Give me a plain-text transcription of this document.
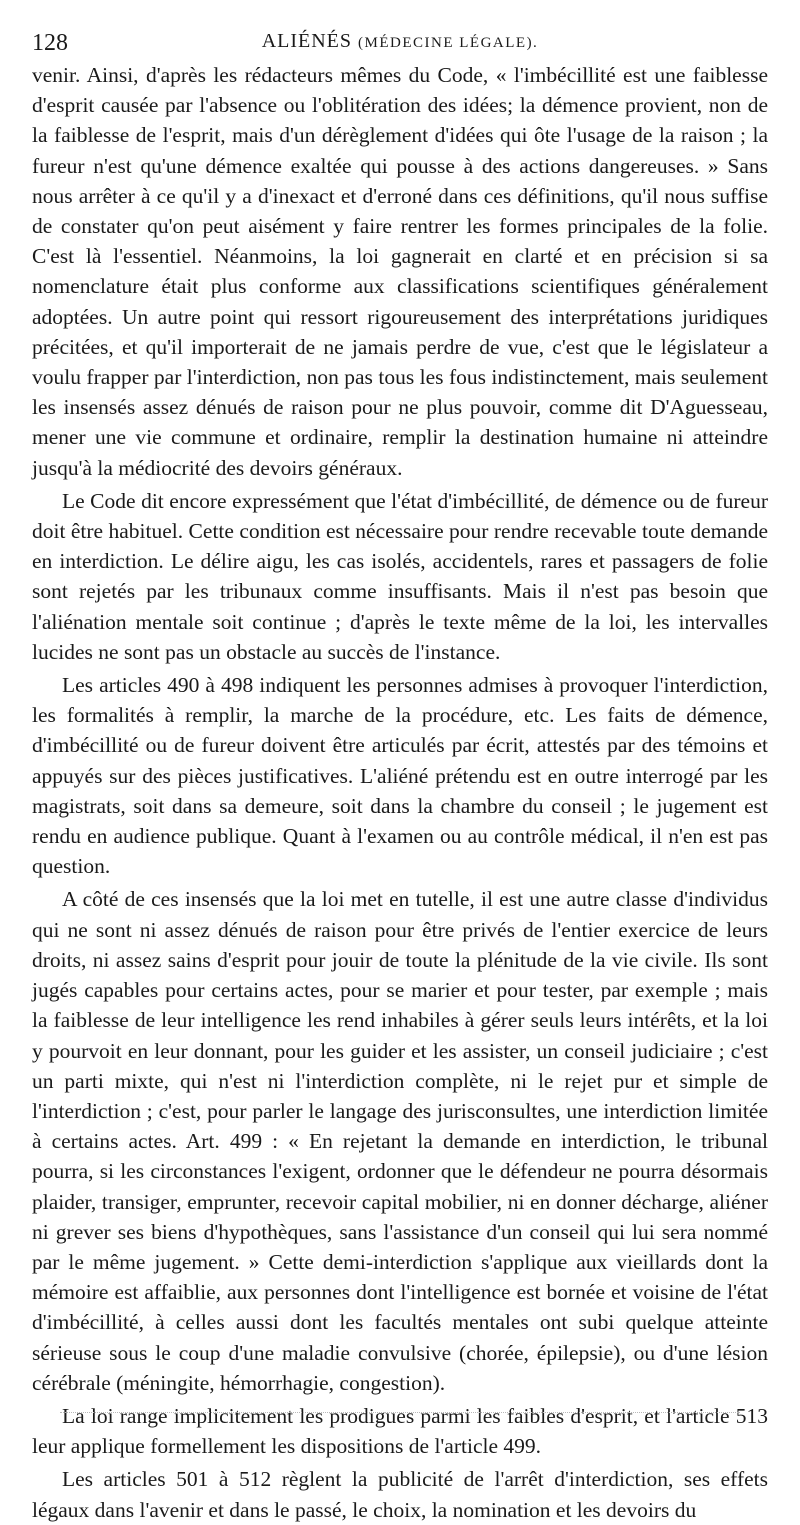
128	ALIÉNÉS (MÉDECINE LÉGALE).

venir. Ainsi, d'après les rédacteurs mêmes du Code, « l'imbécillité est une faiblesse d'esprit causée par l'absence ou l'oblitération des idées; la démence provient, non de la faiblesse de l'esprit, mais d'un dérèglement d'idées qui ôte l'usage de la raison ; la fureur n'est qu'une démence exaltée qui pousse à des actions dangereuses. » Sans nous arrêter à ce qu'il y a d'inexact et d'erroné dans ces définitions, qu'il nous suffise de constater qu'on peut aisément y faire rentrer les formes principales de la folie. C'est là l'essentiel. Néanmoins, la loi gagnerait en clarté et en précision si sa nomenclature était plus conforme aux classifications scientifiques généralement adoptées. Un autre point qui ressort rigoureusement des interprétations juridiques précitées, et qu'il importerait de ne jamais perdre de vue, c'est que le législateur a voulu frapper par l'interdiction, non pas tous les fous indistinctement, mais seulement les insensés assez dénués de raison pour ne plus pouvoir, comme dit D'Aguesseau, mener une vie commune et ordinaire, remplir la destination humaine ni atteindre jusqu'à la médiocrité des devoirs généraux.

Le Code dit encore expressément que l'état d'imbécillité, de démence ou de fureur doit être habituel. Cette condition est nécessaire pour rendre recevable toute demande en interdiction. Le délire aigu, les cas isolés, accidentels, rares et passagers de folie sont rejetés par les tribunaux comme insuffisants. Mais il n'est pas besoin que l'aliénation mentale soit continue ; d'après le texte même de la loi, les intervalles lucides ne sont pas un obstacle au succès de l'instance.

Les articles 490 à 498 indiquent les personnes admises à provoquer l'interdiction, les formalités à remplir, la marche de la procédure, etc. Les faits de démence, d'imbécillité ou de fureur doivent être articulés par écrit, attestés par des témoins et appuyés sur des pièces justificatives. L'aliéné prétendu est en outre interrogé par les magistrats, soit dans sa demeure, soit dans la chambre du conseil ; le jugement est rendu en audience publique. Quant à l'examen ou au contrôle médical, il n'en est pas question.

A côté de ces insensés que la loi met en tutelle, il est une autre classe d'individus qui ne sont ni assez dénués de raison pour être privés de l'entier exercice de leurs droits, ni assez sains d'esprit pour jouir de toute la plénitude de la vie civile. Ils sont jugés capables pour certains actes, pour se marier et pour tester, par exemple ; mais la faiblesse de leur intelligence les rend inhabiles à gérer seuls leurs intérêts, et la loi y pourvoit en leur donnant, pour les guider et les assister, un conseil judiciaire ; c'est un parti mixte, qui n'est ni l'interdiction complète, ni le rejet pur et simple de l'interdiction ; c'est, pour parler le langage des jurisconsultes, une interdiction limitée à certains actes. Art. 499 : « En rejetant la demande en interdiction, le tribunal pourra, si les circonstances l'exigent, ordonner que le défendeur ne pourra désormais plaider, transiger, emprunter, recevoir capital mobilier, ni en donner décharge, aliéner ni grever ses biens d'hypothèques, sans l'assistance d'un conseil qui lui sera nommé par le même jugement. » Cette demi-interdiction s'applique aux vieillards dont la mémoire est affaiblie, aux personnes dont l'intelligence est bornée et voisine de l'état d'imbécillité, à celles aussi dont les facultés mentales ont subi quelque atteinte sérieuse sous le coup d'une maladie convulsive (chorée, épilepsie), ou d'une lésion cérébrale (méningite, hémorrhagie, congestion).

La loi range implicitement les prodigues parmi les faibles d'esprit, et l'article 513 leur applique formellement les dispositions de l'article 499.

Les articles 501 à 512 règlent la publicité de l'arrêt d'interdiction, ses effets légaux dans l'avenir et dans le passé, le choix, la nomination et les devoirs du
